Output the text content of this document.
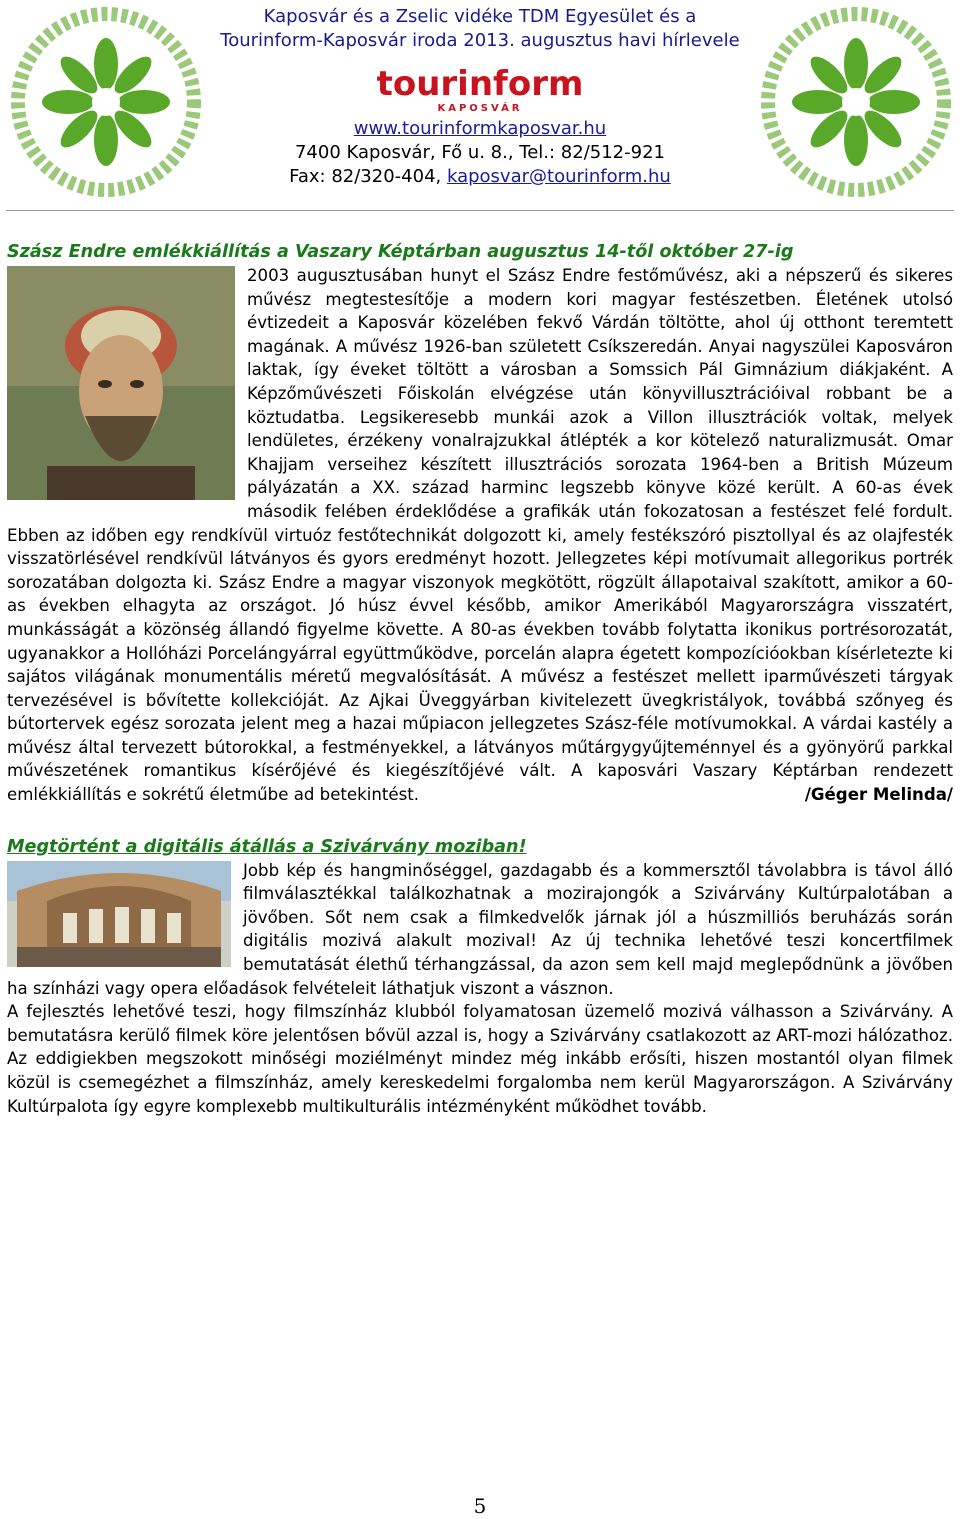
Kaposvár és a Zselic vidéke TDM Egyesület és a
Tourinform-Kaposvár iroda 2013. augusztus havi hírlevele
tourinform
KAPOSVÁR
www.tourinformkaposvar.hu
7400 Kaposvár, Fő u. 8., Tel.: 82/512-921
Fax: 82/320-404, kaposvar@tourinform.hu

Szász Endre emlékkiállítás a Vaszary Képtárban augusztus 14-től október 27-ig

2003 augusztusában hunyt el Szász Endre festőművész, aki a népszerű és sikeres művész megtestesítője a modern kori magyar festészetben. Életének utolsó évtizedeit a Kaposvár közelében fekvő Várdán töltötte, ahol új otthont teremtett magának. A művész 1926-ban született Csíkszeredán. Anyai nagyszülei Kaposváron laktak, így éveket töltött a városban a Somssich Pál Gimnázium diákjaként. A Képzőművészeti Főiskolán elvégzése után könyvillusztrációival robbant be a köztudatba. Legsikeresebb munkái azok a Villon illusztrációk voltak, melyek lendületes, érzékeny vonalrajzukkal átlépték a kor kötelező naturalizmusát. Omar Khajjam verseihez készített illusztrációs sorozata 1964-ben a British Múzeum pályázatán a XX. század harminc legszebb könyve közé került. A 60-as évek második felében érdeklődése a grafikák után fokozatosan a festészet felé fordult. Ebben az időben egy rendkívül virtuóz festőtechnikát dolgozott ki, amely festékszóró pisztollyal és az olajfesték visszatörlésével rendkívül látványos és gyors eredményt hozott. Jellegzetes képi motívumait allegorikus portrék sorozatában dolgozta ki. Szász Endre a magyar viszonyok megkötött, rögzült állapotaival szakított, amikor a 60-as években elhagyta az országot. Jó húsz évvel később, amikor Amerikából Magyarországra visszatért, munkásságát a közönség állandó figyelme követte. A 80-as években tovább folytatta ikonikus portrésorozatát, ugyanakkor a Hollóházi Porcelángyárral együttműködve, porcelán alapra égetett kompozícióokban kísérletezte ki sajátos világának monumentális méretű megvalósítását. A művész a festészet mellett iparművészeti tárgyak tervezésével is bővítette kollekcióját. Az Ajkai Üveggyárban kivitelezett üvegkristályok, továbbá szőnyeg és bútortervek egész sorozata jelent meg a hazai műpiacon jellegzetes Szász-féle motívumokkal. A várdai kastély a művész által tervezett bútorokkal, a festményekkel, a látványos műtárgygyűjteménnyel és a gyönyörű parkkal művészetének romantikus kísérőjévé és kiegészítőjévé vált. A kaposvári Vaszary Képtárban rendezett emlékkiállítás e sokrétű életműbe ad betekintést.	/Géger Melinda/

Megtörtént a digitális átállás a Szivárvány moziban!

Jobb kép és hangminőséggel, gazdagabb és a kommersztől távolabbra is távol álló filmválasztékkal találkozhatnak a mozirajongók a Szivárvány Kultúrpalotában a jövőben. Sőt nem csak a filmkedvelők járnak jól a húszmilliós beruházás során digitális mozivá alakult mozival! Az új technika lehetővé teszi koncertfilmek bemutatását élethű térhangzással, da azon sem kell majd meglepődnünk a jövőben ha színházi vagy opera előadások felvételeit láthatjuk viszont a vásznon.

A fejlesztés lehetővé teszi, hogy filmszínház klubból folyamatosan üzemelő mozivá válhasson a Szivárvány. A bemutatásra kerülő filmek köre jelentősen bővül azzal is, hogy a Szivárvány csatlakozott az ART-mozi hálózathoz. Az eddigiekben megszokott minőségi moziélményt mindez még inkább erősíti, hiszen mostantól olyan filmek közül is csemegézhet a filmszínház, amely kereskedelmi forgalomba nem kerül Magyarországon. A Szivárvány Kultúrpalota így egyre komplexebb multikulturális intézményként működhet tovább.

5
